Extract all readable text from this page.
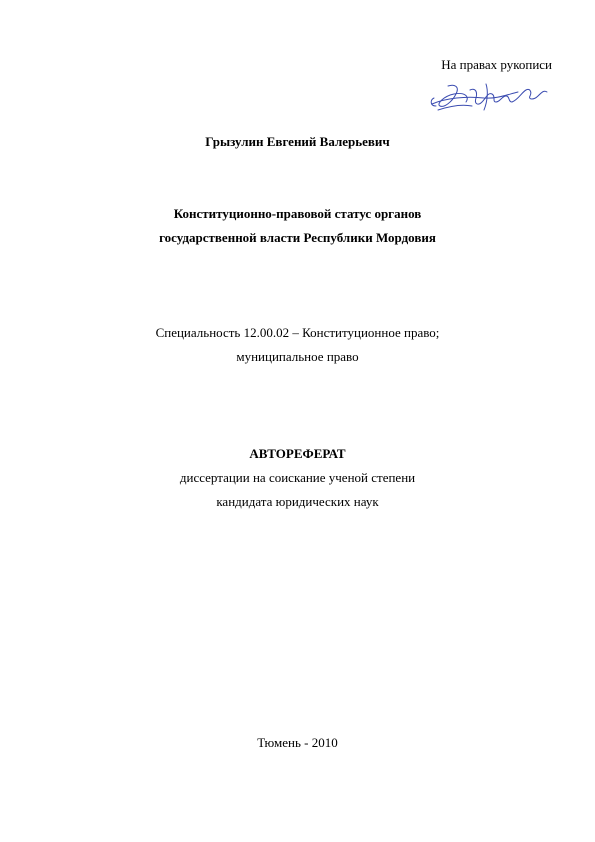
На правах рукописи
Грызулин Евгений Валерьевич
Конституционно-правовой статус органов
государственной власти Республики Мордовия
Специальность 12.00.02 – Конституционное право;
муниципальное право
АВТОРЕФЕРАТ
диссертации на соискание ученой степени
кандидата юридических наук
Тюмень - 2010
